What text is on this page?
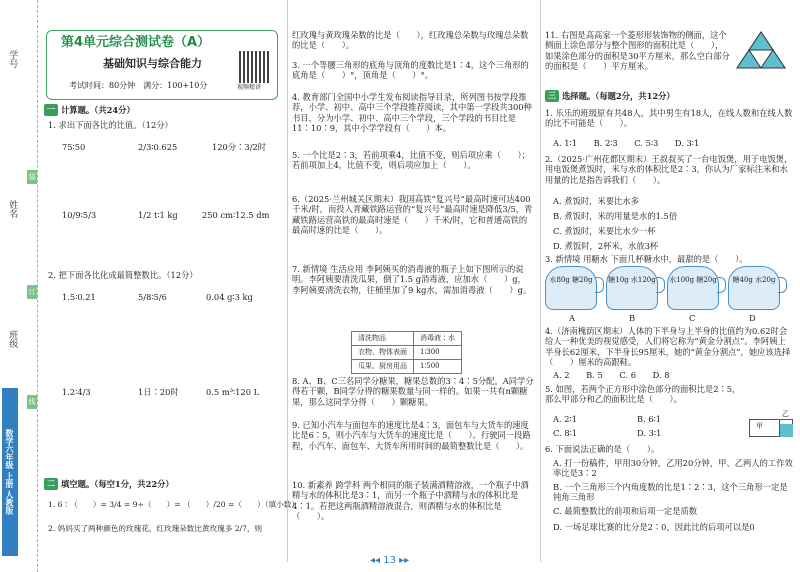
学号
姓名
班级
装
订
线
数学六年级 上册 人教版
第4单元综合测试卷（A）
基础知识与综合能力
考试时间：80分钟　满分：100+10分	视频精讲
一 计算题。（共24分）
1. 求出下面各比的比值。（12分）
75∶50	2/3∶0.625	120分∶3/2时
10/9∶5/3	1/2 t∶1 kg	250 cm∶12.5 dm
2. 把下面各比化成最简整数比。（12分）
1.5∶0.21	5/8∶5/6	0.04 g∶3 kg
1.2∶4/3	1日∶20时	0.5 m³∶120 L
二 填空题。（每空1分，共22分）
1. 6∶（　　）= 3/4 = 9÷（　　）= （　　）/20 =（　　）（填小数）
2. 妈妈买了两种颜色的玫瑰花，红玫瑰朵数比黄玫瑰多 2/7，则
红玫瑰与黄玫瑰朵数的比是（　　），红玫瑰总朵数与玫瑰总朵数的比是（　　）。
3. 一个等腰三角形的底角与顶角的度数比是1∶4，这个三角形的底角是（　　）°，顶角是（　　）°。
4. 教育部门全国中小学生发布阅读指导目录，所列图书按学段推荐，小学、初中、高中三个学段推荐阅读，其中第一学段共300种书目，分为小学、初中、高中三个学段，三个学段的书目比是11∶10∶9，其中小学学段有（　　）本。
5. 一个比是2∶3，若前项乘4，比值不变，则后项应乘（　　）；若前项加上4，比值不变，则后项应加上（　　）。
6.（2025·兰州城关区期末）我国高铁“复兴号”最高时速可达400千米/时，而投入青藏铁路运营的“复兴号”最高时速是降低3/5，青藏铁路运营高铁的最高时速是（　　）千米/时，它和普通高铁的最高时速的比是（　　）。
7. 新情境 生活应用 李阿姨买的消毒液的瓶子上如下图所示的说明。李阿姨要清洗瓜果，倒了1.5 g消毒液，应加水（　　）g，李阿姨要清洗衣物，往桶里加了9 kg水，需加消毒液（　　）g。
清洗物品	消毒液∶水
衣物、物体表面	1∶300
瓜果、厨房用品	1∶500
8. A、B、C三名同学分糖果，糖果总数的3∶4∶5分配。A同学分得若干颗，B同学分得的糖果数量与同一样的。如果一共有n颗糖果，那么这同学分得（　　）颗糖果。
9. 已知小汽车与面包车的速度比是4∶3，面包车与大货车的速度比是6∶5，则小汽车与大货车的速度比是（　　）。行驶同一段路程，小汽车、面包车、大货车所用时间的最简整数比是（　　）。
10. 新素养 跨学科 两个相同的瓶子装满酒精溶液，一个瓶子中酒精与水的体积比是3∶1，而另一个瓶子中酒精与水的体积比是4∶1。若把这两瓶酒精溶液混合，则酒精与水的体积比是（　　）。
11. 右图是高高家一个菱形形装饰物的侧面，这个侧面上涂色部分与整个图形的面积比是（　　），如果涂色部分的面积是30平方厘米，那么空白部分的面积是（　　）平方厘米。
三 选择题。（每题2分，共12分）
1. 乐乐的班级原有共48人，其中男生有18人，在线人数和在线人数的比不可能是（　　）。
A. 1∶1　　B. 2∶3　　C. 5∶3　　D. 3∶1
2.（2025·广州花都区期末）王叔叔买了一台电饭煲，用于电饭煲，用电饭煲煮饭时，米与水的体积比是2∶3，你认为厂家标注米和水用量的比是指告诉我们（　　）。
A. 煮饭时，米要比水多
B. 煮饭时，米的用量是水的1.5倍
C. 煮饭时，米要比水少一杯
D. 煮饭时，2杯米，水放3杯
3. 新情境 用糖水 下面几杯糖水中，最甜的是（　　）。
水80g 糖20g	糖10g 水120g	水100g 糖20g	糖40g 水20g
A	B	C	D
4.（济南槐荫区期末）人体的下半身与上半身的比值约为0.62时会给人一种优美的视觉感受，人们将它称为“黄金分割点”。李阿姨上半身长62厘米，下半身长95厘米，她的“黄金分割点”，她应该选择（　　）厘米的高跟鞋。
A. 2　　B. 5　　C. 6　　D. 8
5. 如图，若两个正方形中涂色部分的面积比是2∶5，那么甲部分和乙的面积比是（　　）。
A. 2∶1	B. 6∶1
C. 8∶1	D. 3∶1
甲
乙
6. 下面说法正确的是（　　）。
A. 打一份稿件，甲用30分钟，乙用20分钟，甲、乙两人的工作效率比是3∶2
B. 一个三角形三个内角度数的比是1∶2∶3，这个三角形一定是钝角三角形
C. 最简整数比的前项和后项一定是质数
D. 一场足球比赛的比分是2∶0，因此比的后项可以是0
◂◂ 13 ▸▸
